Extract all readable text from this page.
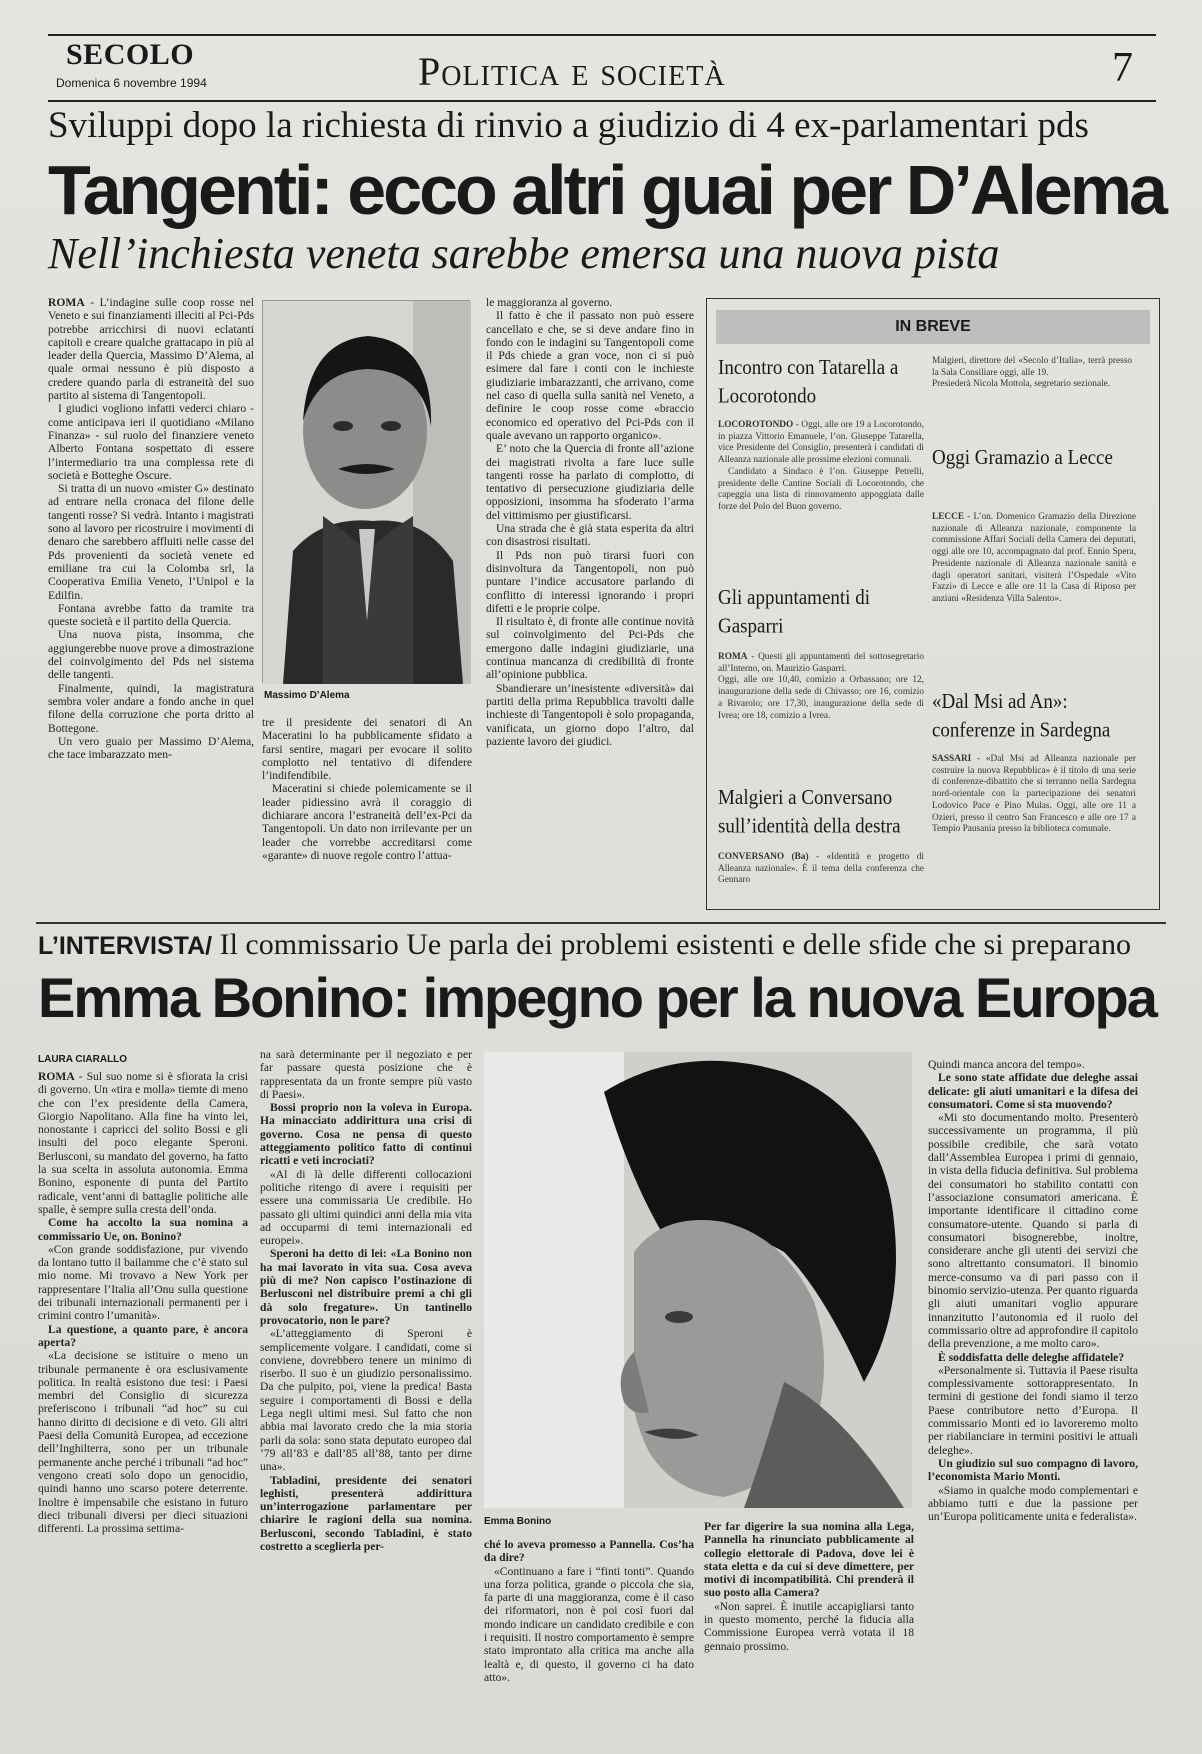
SECOLO
Domenica 6 novembre 1994	Politica e società	7
Sviluppi dopo la richiesta di rinvio a giudizio di 4 ex-parlamentari pds
Tangenti: ecco altri guai per D’Alema
Nell’inchiesta veneta sarebbe emersa una nuova pista

ROMA - L’indagine sulle coop rosse nel Veneto e sui finanziamenti illeciti al Pci-Pds potrebbe arricchirsi di nuovi eclatanti capitoli e creare qualche grattacapo in più al leader della Quercia, Massimo D’Alema, al quale ormai nessuno è più disposto a credere quando parla di estraneità del suo partito al sistema di Tangentopoli.

I giudici vogliono infatti vederci chiaro - come anticipava ieri il quotidiano «Milano Finanza» - sul ruolo del finanziere veneto Alberto Fontana sospettato di essere l’intermediario tra una complessa rete di società e Botteghe Oscure.

Si tratta di un nuovo «mister G» destinato ad entrare nella cronaca del filone delle tangenti rosse? Si vedrà. Intanto i magistrati sono al lavoro per ricostruire i movimenti di denaro che sarebbero affluiti nelle casse del Pds provenienti da società venete ed emiliane tra cui la Colomba srl, la Cooperativa Emilia Veneto, l’Unipol e la Edilfin.

Fontana avrebbe fatto da tramite tra queste società e il partito della Quercia.

Una nuova pista, insomma, che aggiungerebbe nuove prove a dimostrazione del coinvolgimento del Pds nel sistema delle tangenti.

Finalmente, quindi, la magistratura sembra voler andare a fondo anche in quel filone della corruzione che porta dritto al Bottegone.

Un vero guaio per Massimo D’Alema, che tace imbarazzato men-

Massimo D’Alema

tre il presidente dei senatori di An Maceratini lo ha pubblicamente sfidato a farsi sentire, magari per evocare il solito complotto nel tentativo di difendere l’indifendibile.

Maceratini si chiede polemicamente se il leader pidiessino avrà il coraggio di dichiarare ancora l’estraneità dell’ex-Pci da Tangentopoli. Un dato non irrilevante per un leader che vorrebbe accreditarsi come «garante» di nuove regole contro l’attua-

le maggioranza al governo.

Il fatto è che il passato non può essere cancellato e che, se si deve andare fino in fondo con le indagini su Tangentopoli come il Pds chiede a gran voce, non ci si può esimere dal fare i conti con le inchieste giudiziarie imbarazzanti, che arrivano, come nel caso di quella sulla sanità nel Veneto, a definire le coop rosse come «braccio economico ed operativo del Pci-Pds con il quale avevano un rapporto organico».

E’ noto che la Quercia di fronte all’azione dei magistrati rivolta a fare luce sulle tangenti rosse ha parlato di complotto, di tentativo di persecuzione giudiziaria delle opposizioni, insomma ha sfoderato l’arma del vittimismo per giustificarsi.

Una strada che è già stata esperita da altri con disastrosi risultati.

Il Pds non può tirarsi fuori con disinvoltura da Tangentopoli, non può puntare l’indice accusatore parlando di conflitto di interessi ignorando i propri difetti e le proprie colpe.

Il risultato è, di fronte alle continue novità sul coinvolgimento del Pci-Pds che emergono dalle indagini giudiziarie, una continua mancanza di credibilità di fronte all’opinione pubblica.

Sbandierare un’inesistente «diversità» dai partiti della prima Repubblica travolti dalle inchieste di Tangentopoli è solo propaganda, vanificata, un giorno dopo l’altro, dal paziente lavoro dei giudici.

IN BREVE
Incontro con Tatarella a Locorotondo

LOCOROTONDO - Oggi, alle ore 19 a Locorotondo, in piazza Vittorio Emanuele, l’on. Giuseppe Tatarella, vice Presidente del Consiglio, presenterà i candidati di Alleanza nazionale alle prossime elezioni comunali.

Candidato a Sindaco è l’on. Giuseppe Petrelli, presidente delle Cantine Sociali di Locorotondo, che capeggia una lista di rinnovamento appoggiata dalle forze del Polo del Buon governo.

Gli appuntamenti di Gasparri

ROMA - Questi gli appuntamenti del sottosegretario all’Interno, on. Maurizio Gasparri.

Oggi, alle ore 10,40, comizio a Orbassano; ore 12, inaugurazione della sede di Chivasso; ore 16, comizio a Rivarolo; ore 17,30, inaugurazione della sede di Ivrea; ore 18, comizio a Ivrea.

Malgieri a Conversano sull’identità della destra

CONVERSANO (Ba) - «Identità e progetto di Alleanza nazionale». È il tema della conferenza che Gennaro

Malgieri, direttore del «Secolo d’Italia», terrà presso la Sala Consiliare oggi, alle 19.

Presiederà Nicola Mottola, segretario sezionale.

Oggi Gramazio a Lecce

LECCE - L’on. Domenico Gramazio della Direzione nazionale di Alleanza nazionale, componente la commissione Affari Sociali della Camera dei deputati, oggi alle ore 10, accompagnato dal prof. Ennio Spera, Presidente nazionale di Alleanza nazionale sanità e dagli operatori sanitari, visiterà l’Ospedale «Vito Fazzi» di Lecce e alle ore 11 la Casa di Riposo per anziani «Residenza Villa Salento».

«Dal Msi ad An»: conferenze in Sardegna

SASSARI - «Dal Msi ad Alleanza nazionale per costruire la nuova Repubblica» è il titolo di una serie di conferenze-dibattito che si terranno nella Sardegna nord-orientale con la partecipazione dei senatori Lodovico Pace e Pino Mulas. Oggi, alle ore 11 a Ozieri, presso il centro San Francesco e alle ore 17 a Tempio Pausania presso la biblioteca comunale.

L’INTERVISTA/ Il commissario Ue parla dei problemi esistenti e delle sfide che si preparano
Emma Bonino: impegno per la nuova Europa
LAURA CIARALLO

ROMA - Sul suo nome si è sfiorata la crisi di governo. Un «tira e molla» tiemte di meno che con l’ex presidente della Camera, Giorgio Napolitano. Alla fine ha vinto lei, nonostante i capricci del solito Bossi e gli insulti del poco elegante Speroni. Berlusconi, su mandato del governo, ha fatto la sua scelta in assoluta autonomia. Emma Bonino, esponente di punta del Partito radicale, vent’anni di battaglie politiche alle spalle, è sempre sulla cresta dell’onda.

Come ha accolto la sua nomina a commissario Ue, on. Bonino?

«Con grande soddisfazione, pur vivendo da lontano tutto il bailamme che c’è stato sul mio nome. Mi trovavo a New York per rappresentare l’Italia all’Onu sulla questione dei tribunali internazionali permanenti per i crimini contro l’umanità».

La questione, a quanto pare, è ancora aperta?

«La decisione se istituire o meno un tribunale permanente è ora esclusivamente politica. In realtà esistono due tesi: i Paesi membri del Consiglio di sicurezza preferiscono i tribunali “ad hoc” su cui hanno diritto di decisione e di veto. Gli altri Paesi della Comunità Europea, ad eccezione dell’Inghilterra, sono per un tribunale permanente anche perché i tribunali “ad hoc” vengono creati solo dopo un genocidio, quindi hanno uno scarso potere deterrente. Inoltre è impensabile che esistano in futuro dieci tribunali diversi per dieci situazioni differenti. La prossima settima-

na sarà determinante per il negoziato e per far passare questa posizione che è rappresentata da un fronte sempre più vasto di Paesi».

Bossi proprio non la voleva in Europa. Ha minacciato addirittura una crisi di governo. Cosa ne pensa di questo atteggiamento politico fatto di continui ricatti e veti incrociati?

«Al di là delle differenti collocazioni politiche ritengo di avere i requisiti per essere una commissaria Ue credibile. Ho passato gli ultimi quindici anni della mia vita ad occuparmi di temi internazionali ed europei».

Speroni ha detto di lei: «La Bonino non ha mai lavorato in vita sua. Cosa aveva più di me? Non capisco l’ostinazione di Berlusconi nel distribuire premi a chi gli dà solo fregature». Un tantinello provocatorio, non le pare?

«L’atteggiamento di Speroni è semplicemente volgare. I candidati, come si conviene, dovrebbero tenere un minimo di riserbo. Il suo è un giudizio personalissimo. Da che pulpito, poi, viene la predica! Basta seguire i comportamenti di Bossi e della Lega negli ultimi mesi. Sul fatto che non abbia mai lavorato credo che la mia storia parli da sola: sono stata deputato europeo dal ’79 all’83 e dall’85 all’88, tanto per dirne una».

Tabladini, presidente dei senatori leghisti, presenterà addirittura un’interrogazione parlamentare per chiarire le ragioni della sua nomina. Berlusconi, secondo Tabladini, è stato costretto a sceglierla per-

Emma Bonino

ché lo aveva promesso a Pannella. Cos’ha da dire?

«Continuano a fare i “finti tonti”. Quando una forza politica, grande o piccola che sia, fa parte di una maggioranza, come è il caso dei riformatori, non è poi così fuori dal mondo indicare un candidato credibile e con i requisiti. Il nostro comportamento è sempre stato improntato alla critica ma anche alla lealtà e, di questo, il governo ci ha dato atto».

Per far digerire la sua nomina alla Lega, Pannella ha rinunciato pubblicamente al collegio elettorale di Padova, dove lei è stata eletta e da cui si deve dimettere, per motivi di incompatibilità. Chi prenderà il suo posto alla Camera?

«Non saprei. È inutile accapigliarsi tanto in questo momento, perché la fiducia alla Commissione Europea verrà votata il 18 gennaio prossimo.

Quindi manca ancora del tempo».

Le sono state affidate due deleghe assai delicate: gli aiuti umanitari e la difesa dei consumatori. Come si sta muovendo?

«Mi sto documentando molto. Presenterò successivamente un programma, il più possibile credibile, che sarà votato dall’Assemblea Europea i primi di gennaio, in vista della fiducia definitiva. Sul problema dei consumatori ho stabilito contatti con l’associazione consumatori americana. È importante identificare il cittadino come consumatore-utente. Quando si parla di consumatori bisognerebbe, inoltre, considerare anche gli utenti dei servizi che sono altrettanto consumatori. Il binomio merce-consumo va di pari passo con il binomio servizio-utenza. Per quanto riguarda gli aiuti umanitari voglio appurare innanzitutto l’autonomia ed il ruolo del commissario oltre ad approfondire il capitolo della prevenzione, a me molto caro».

È soddisfatta delle deleghe affidatele?

«Personalmente sì. Tuttavia il Paese risulta complessivamente sottorappresentato. In termini di gestione dei fondi siamo il terzo Paese contributore netto d’Europa. Il commissario Monti ed io lavoreremo molto per riabilanciare in termini positivi le attuali deleghe».

Un giudizio sul suo compagno di lavoro, l’economista Mario Monti.

«Siamo in qualche modo complementari e abbiamo tutti e due la passione per un’Europa politicamente unita e federalista».
